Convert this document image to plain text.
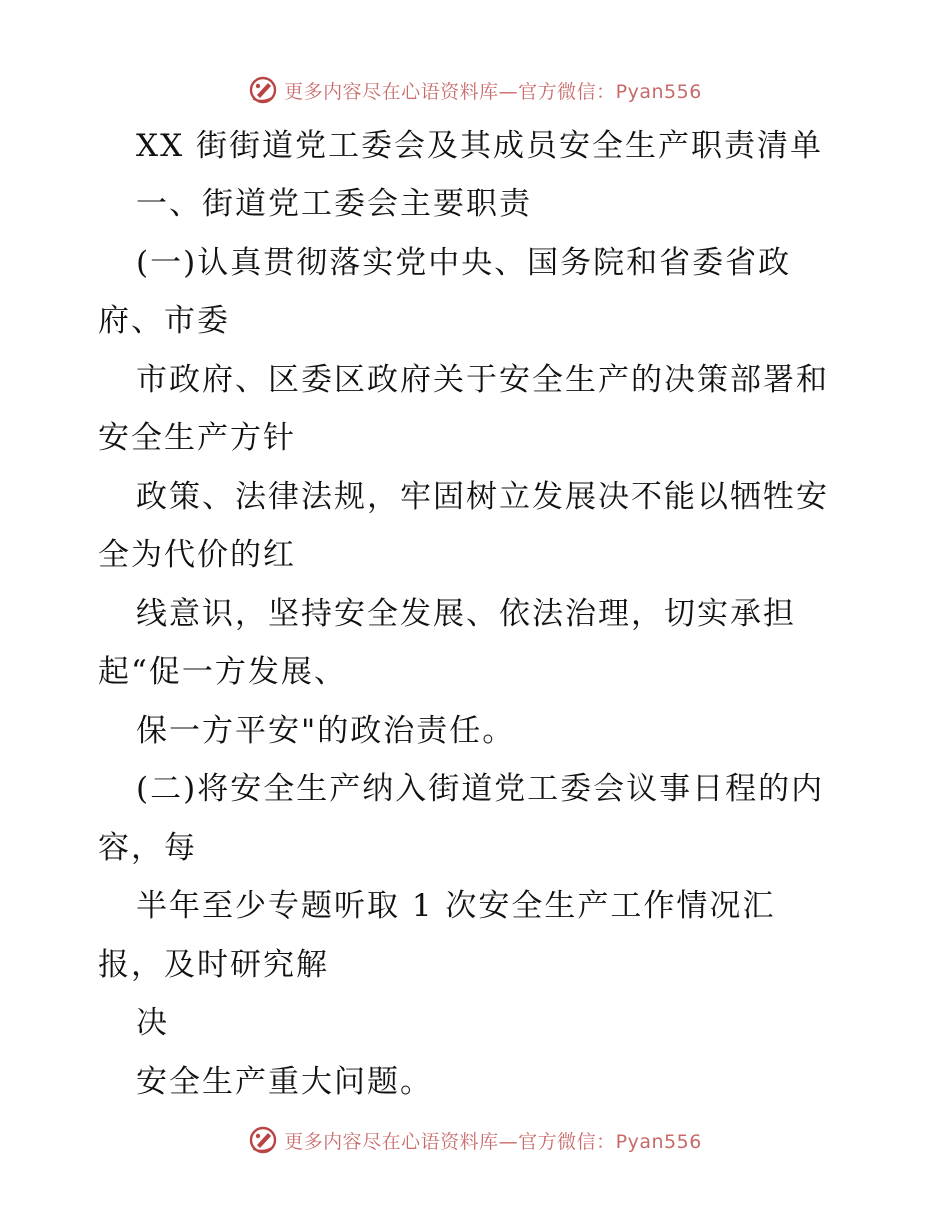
更多内容尽在心语资料库—官方微信：Pyan556
XX 街街道党工委会及其成员安全生产职责清单
一、街道党工委会主要职责
(一)认真贯彻落实党中央、国务院和省委省政
府、市委
市政府、区委区政府关于安全生产的决策部署和
安全生产方针
政策、法律法规，牢固树立发展决不能以牺牲安
全为代价的红
线意识，坚持安全发展、依法治理，切实承担
起“促一方发展、
保一方平安"的政治责任。
(二)将安全生产纳入街道党工委会议事日程的内
容，每
半年至少专题听取 1 次安全生产工作情况汇
报，及时研究解
决
安全生产重大问题。
更多内容尽在心语资料库—官方微信：Pyan556
